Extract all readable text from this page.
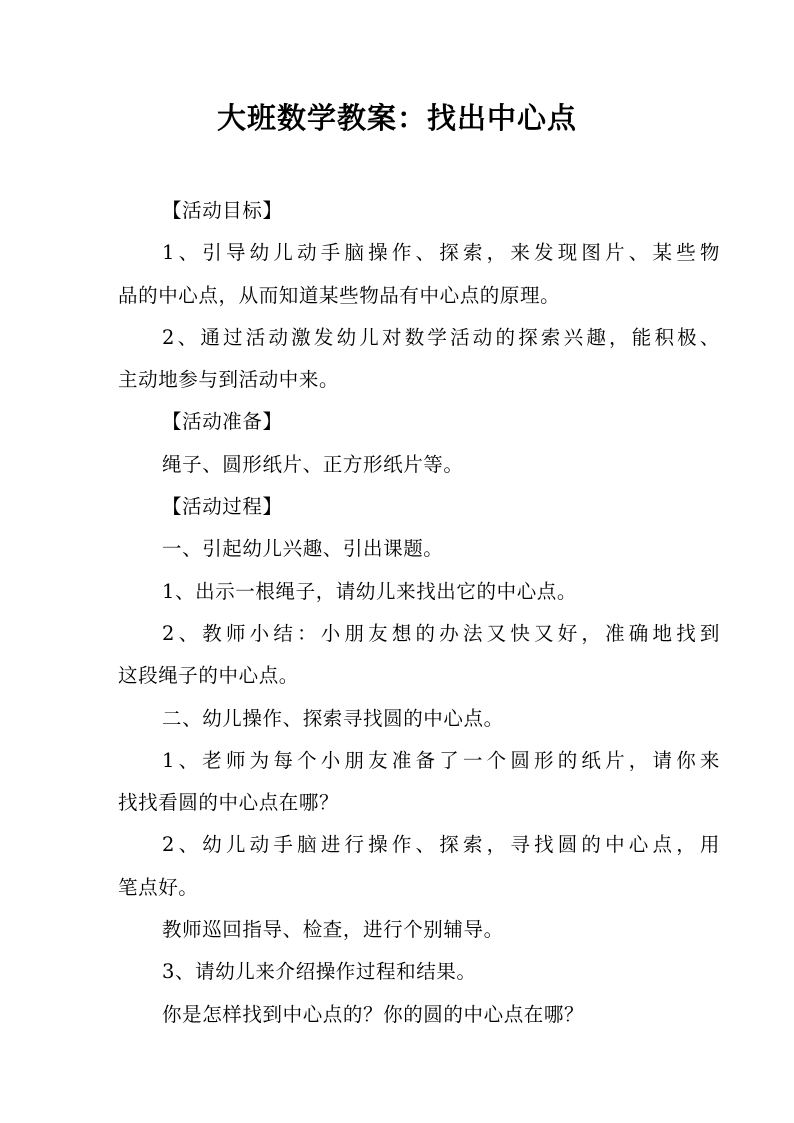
大班数学教案：找出中心点
【活动目标】
1、引导幼儿动手脑操作、探索，来发现图片、某些物
品的中心点，从而知道某些物品有中心点的原理。
2、通过活动激发幼儿对数学活动的探索兴趣，能积极、
主动地参与到活动中来。
【活动准备】
绳子、圆形纸片、正方形纸片等。
【活动过程】
一、引起幼儿兴趣、引出课题。
1、出示一根绳子，请幼儿来找出它的中心点。
2、教师小结：小朋友想的办法又快又好，准确地找到
这段绳子的中心点。
二、幼儿操作、探索寻找圆的中心点。
1、老师为每个小朋友准备了一个圆形的纸片，请你来
找找看圆的中心点在哪？
2、幼儿动手脑进行操作、探索，寻找圆的中心点，用
笔点好。
教师巡回指导、检查，进行个别辅导。
3、请幼儿来介绍操作过程和结果。
你是怎样找到中心点的？你的圆的中心点在哪？
